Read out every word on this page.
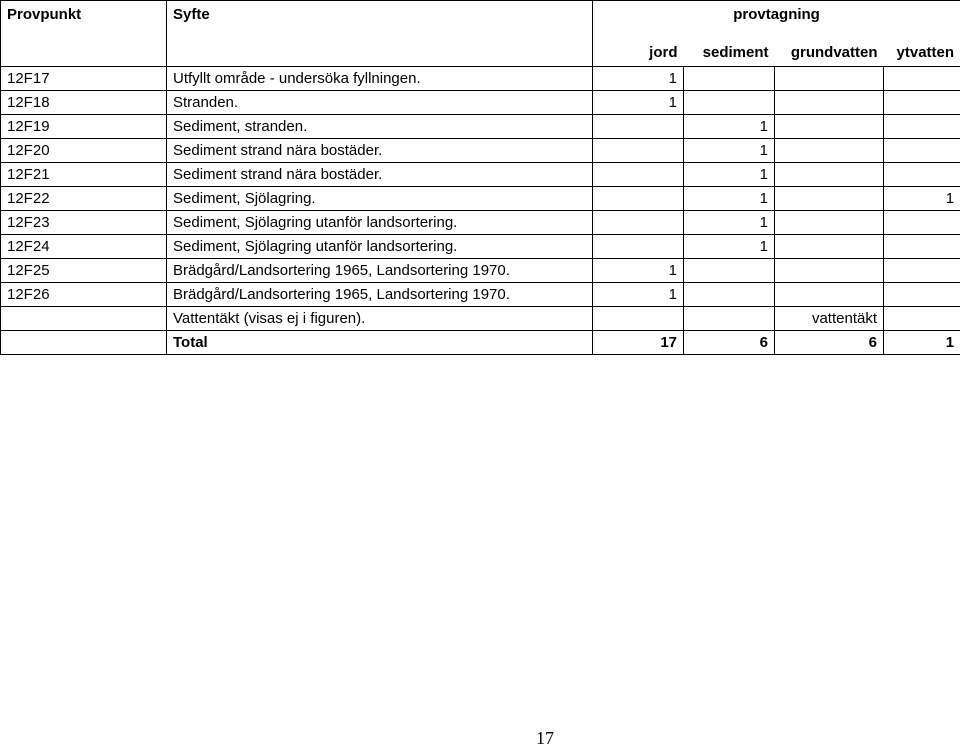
Provpunkt	Syfte	provtagning			
		jord	sediment	grundvatten	ytvatten
12F17	Utfyllt område - undersöka fyllningen.	1			
12F18	Stranden.	1			
12F19	Sediment, stranden.		1		
12F20	Sediment strand nära bostäder.		1		
12F21	Sediment strand nära bostäder.		1		
12F22	Sediment, Sjölagring.		1		1
12F23	Sediment, Sjölagring utanför landsortering.		1		
12F24	Sediment, Sjölagring utanför landsortering.		1		
12F25	Brädgård/Landsortering 1965, Landsortering 1970.	1			
12F26	Brädgård/Landsortering 1965, Landsortering 1970.	1			
	Vattentäkt (visas ej i figuren).			vattentäkt	
	Total	17	6	6	1
17
